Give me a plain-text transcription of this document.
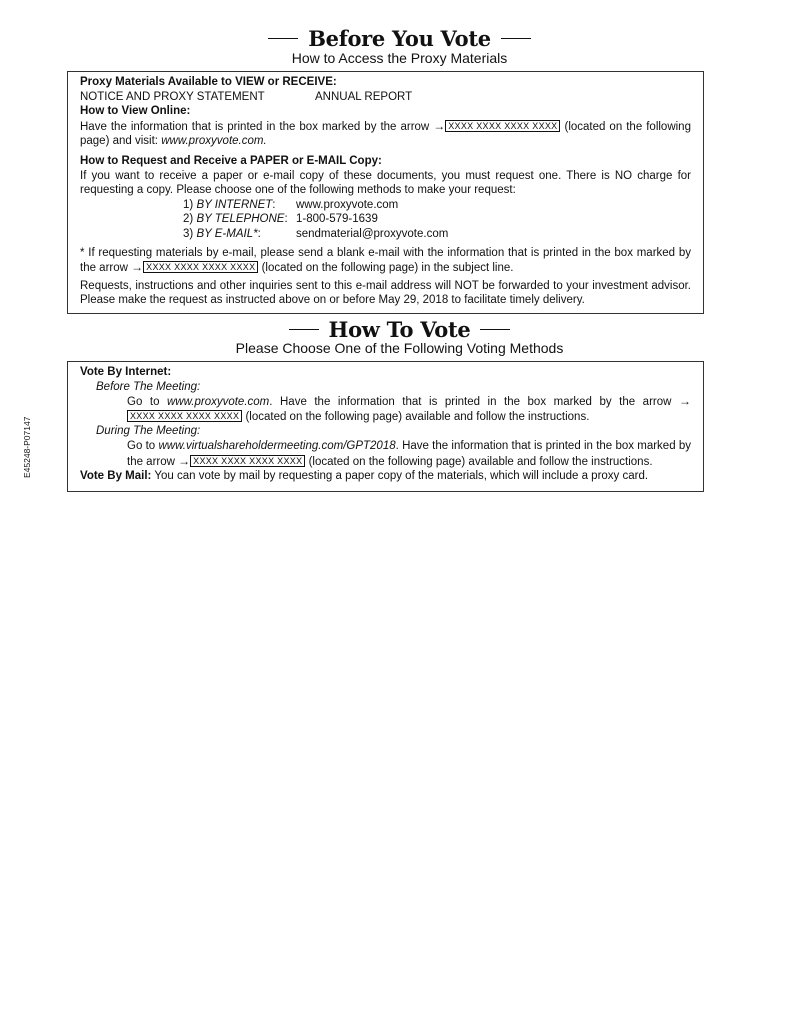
Before You Vote
How to Access the Proxy Materials
Proxy Materials Available to VIEW or RECEIVE:
NOTICE AND PROXY STATEMENT	ANNUAL REPORT
How to View Online:

Have the information that is printed in the box marked by the arrow → XXXX XXXX XXXX XXXX (located on the following page) and visit: www.proxyvote.com.

How to Request and Receive a PAPER or E-MAIL Copy:

If you want to receive a paper or e-mail copy of these documents, you must request one. There is NO charge for requesting a copy. Please choose one of the following methods to make your request:

1) BY INTERNET:	www.proxyvote.com
2) BY TELEPHONE: 1-800-579-1639
3) BY E-MAIL*:	sendmaterial@proxyvote.com

* If requesting materials by e-mail, please send a blank e-mail with the information that is printed in the box marked by the arrow → XXXX XXXX XXXX XXXX (located on the following page) in the subject line.

Requests, instructions and other inquiries sent to this e-mail address will NOT be forwarded to your investment advisor. Please make the request as instructed above on or before May 29, 2018 to facilitate timely delivery.

How To Vote
Please Choose One of the Following Voting Methods
Vote By Internet:
Before The Meeting:

Go to www.proxyvote.com. Have the information that is printed in the box marked by the arrow →XXXX XXXX XXXX XXXX (located on the following page) available and follow the instructions.

During The Meeting:

Go to www.virtualshareholdermeeting.com/GPT2018. Have the information that is printed in the box marked by the arrow → XXXX XXXX XXXX XXXX (located on the following page) available and follow the instructions.

Vote By Mail: You can vote by mail by requesting a paper copy of the materials, which will include a proxy card.
E45248-P07147
